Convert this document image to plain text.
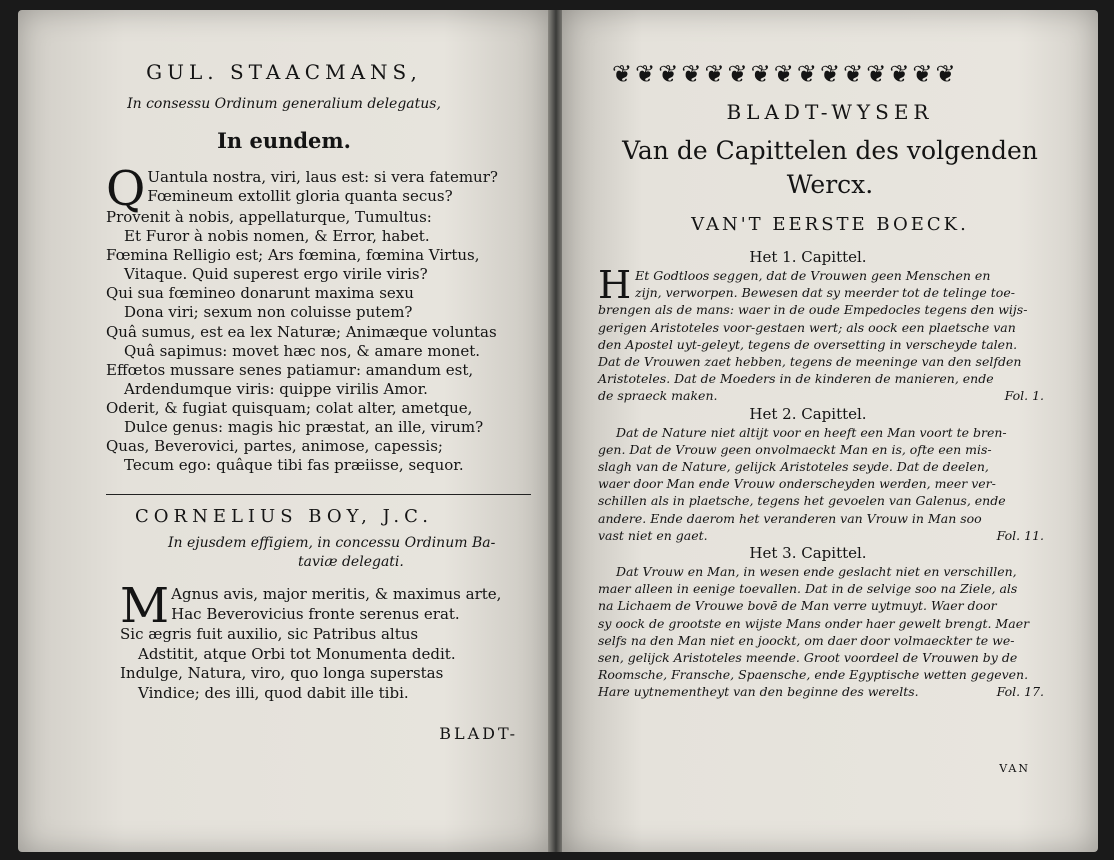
GUL. STAACMANS,
In consessu Ordinum generalium delegatus,
In eundem.
Q Uantula nostra, viri, laus est: si vera fatemur?
Fœmineum extollit gloria quanta secus?
Provenit à nobis, appellaturque, Tumultus:
Et Furor à nobis nomen, & Error, habet.
Fœmina Relligio est; Ars fœmina, fœmina Virtus,
Vitaque. Quid superest ergo virile viris?
Qui sua fœmineo donarunt maxima sexu
Dona viri; sexum non coluisse putem?
Quâ sumus, est ea lex Naturæ; Animæque voluntas
Quâ sapimus: movet hæc nos, & amare monet.
Effœtos mussare senes patiamur: amandum est,
Ardendumque viris: quippe virilis Amor.
Oderit, & fugiat quisquam; colat alter, ametque,
Dulce genus: magis hic præstat, an ille, virum?
Quas, Beverovici, partes, animose, capessis;
Tecum ego: quâque tibi fas præiisse, sequor.
CORNELIUS BOY, J.C.
In ejusdem effigiem, in concessu Ordinum Ba-
taviæ delegati.
M Agnus avis, major meritis, & maximus arte,
Hac Beverovicius fronte serenus erat.
Sic ægris fuit auxilio, sic Patribus altus
Adstitit, atque Orbi tot Monumenta dedit.
Indulge, Natura, viro, quo longa superstas
Vindice; des illi, quod dabit ille tibi.
BLADT-
❦❦❦❦❦❦❦❦❦❦❦❦❦❦❦
BLADT-WYSER
Van de Capittelen des volgenden
Wercx.
VAN'T EERSTE BOECK.
Het 1. Capittel.
H Et Godtloos seggen, dat de Vrouwen geen Menschen en
zijn, verworpen. Bewesen dat sy meerder tot de telinge toe-
brengen als de mans: waer in de oude Empedocles tegens den wijs-
gerigen Aristoteles voor-gestaen wert; als oock een plaetsche van
den Apostel uyt-geleyt, tegens de oversetting in verscheyde talen.
Dat de Vrouwen zaet hebben, tegens de meeninge van den selfden
Aristoteles. Dat de Moeders in de kinderen de manieren, ende
de spraeck maken.	Fol. 1.
Het 2. Capittel.
Dat de Nature niet altijt voor en heeft een Man voort te bren-
gen. Dat de Vrouw geen onvolmaeckt Man en is, ofte een mis-
slagh van de Nature, gelijck Aristoteles seyde. Dat de deelen,
waer door Man ende Vrouw onderscheyden werden, meer ver-
schillen als in plaetsche, tegens het gevoelen van Galenus, ende
andere. Ende daerom het veranderen van Vrouw in Man soo
vast niet en gaet.	Fol. 11.
Het 3. Capittel.
Dat Vrouw en Man, in wesen ende geslacht niet en verschillen,
maer alleen in eenige toevallen. Dat in de selvige soo na Ziele, als
na Lichaem de Vrouwe bovē de Man verre uytmuyt. Waer door
sy oock de grootste en wijste Mans onder haer gewelt brengt. Maer
selfs na den Man niet en joockt, om daer door volmaeckter te we-
sen, gelijck Aristoteles meende. Groot voordeel de Vrouwen by de
Roomsche, Fransche, Spaensche, ende Egyptische wetten gegeven.
Hare uytnementheyt van den beginne des werelts.	Fol. 17.
VAN
